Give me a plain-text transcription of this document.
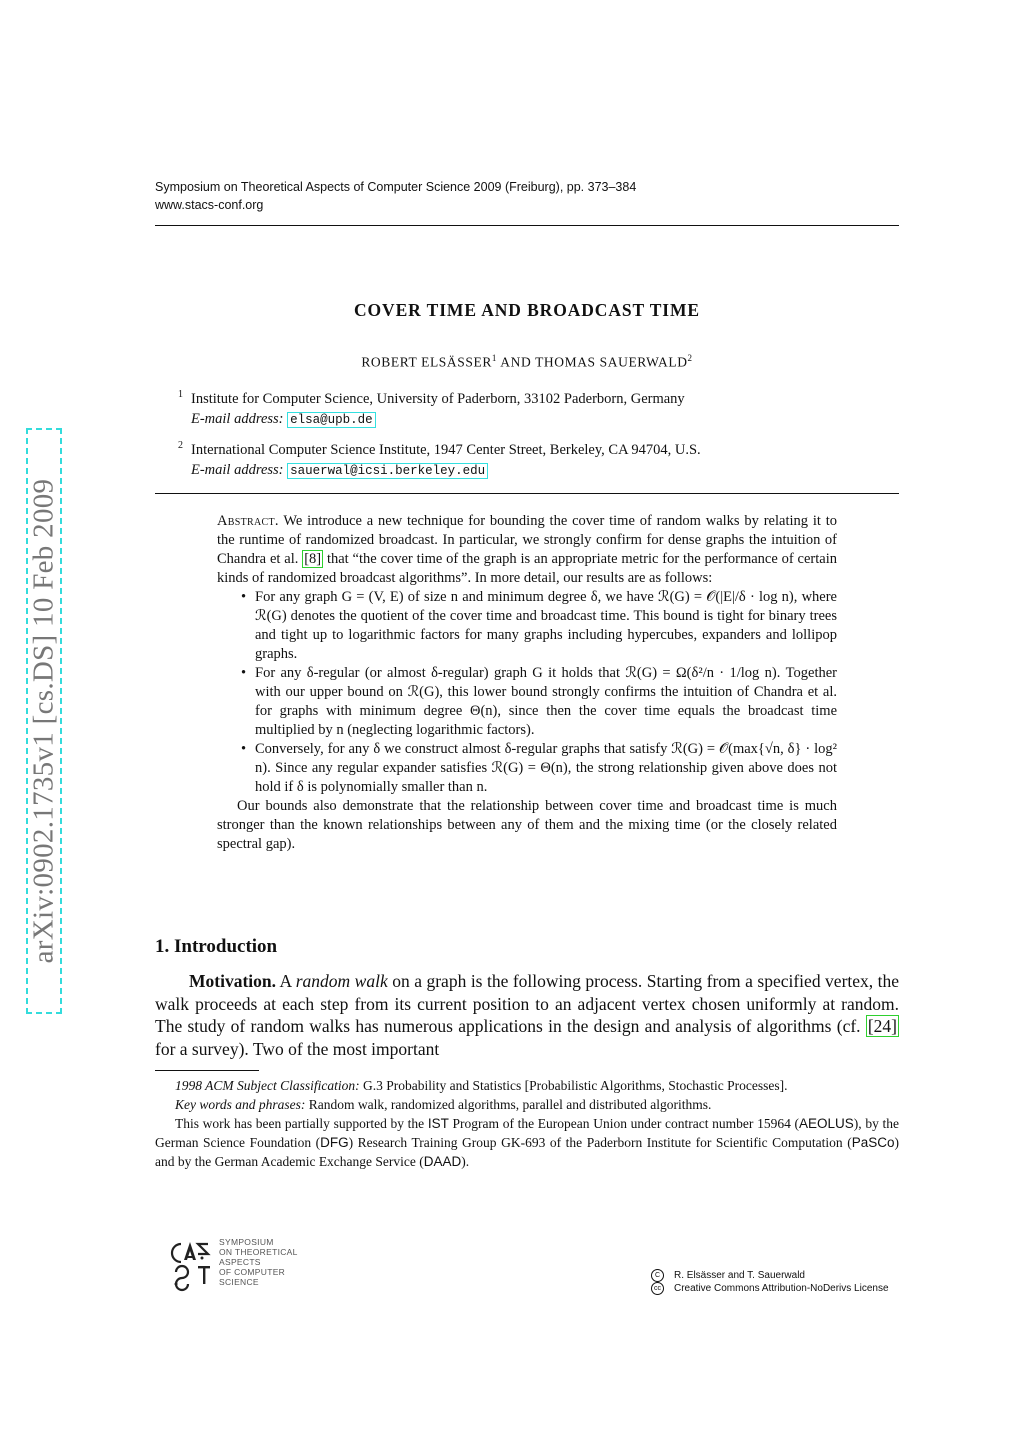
Symposium on Theoretical Aspects of Computer Science 2009 (Freiburg), pp. 373–384
www.stacs-conf.org
COVER TIME AND BROADCAST TIME
ROBERT ELSÄSSER$^1$ AND THOMAS SAUERWALD$^2$
1 Institute for Computer Science, University of Paderborn, 33102 Paderborn, Germany
E-mail address: elsa@upb.de
2 International Computer Science Institute, 1947 Center Street, Berkeley, CA 94704, U.S.
E-mail address: sauerwal@icsi.berkeley.edu
Abstract. We introduce a new technique for bounding the cover time of random walks by relating it to the runtime of randomized broadcast. In particular, we strongly confirm for dense graphs the intuition of Chandra et al. [8] that “the cover time of the graph is an appropriate metric for the performance of certain kinds of randomized broadcast algorithms”. In more detail, our results are as follows:
• For any graph G = (V, E) of size n and minimum degree δ, we have ℛ(G) = 𝒪(|E|/δ · log n), where ℛ(G) denotes the quotient of the cover time and broadcast time. This bound is tight for binary trees and tight up to logarithmic factors for many graphs including hypercubes, expanders and lollipop graphs.
• For any δ-regular (or almost δ-regular) graph G it holds that ℛ(G) = Ω(δ²/n · 1/log n). Together with our upper bound on ℛ(G), this lower bound strongly confirms the intuition of Chandra et al. for graphs with minimum degree Θ(n), since then the cover time equals the broadcast time multiplied by n (neglecting logarithmic factors).
• Conversely, for any δ we construct almost δ-regular graphs that satisfy ℛ(G) = 𝒪(max{√n, δ} · log² n). Since any regular expander satisfies ℛ(G) = Θ(n), the strong relationship given above does not hold if δ is polynomially smaller than n.
Our bounds also demonstrate that the relationship between cover time and broadcast time is much stronger than the known relationships between any of them and the mixing time (or the closely related spectral gap).
1. Introduction
Motivation. A random walk on a graph is the following process. Starting from a specified vertex, the walk proceeds at each step from its current position to an adjacent vertex chosen uniformly at random. The study of random walks has numerous applications in the design and analysis of algorithms (cf. [24] for a survey). Two of the most important

1998 ACM Subject Classification: G.3 Probability and Statistics [Probabilistic Algorithms, Stochastic Processes].

Key words and phrases: Random walk, randomized algorithms, parallel and distributed algorithms.

This work has been partially supported by the IST Program of the European Union under contract number 15964 (AEOLUS), by the German Science Foundation (DFG) Research Training Group GK-693 of the Paderborn Institute for Scientific Computation (PaSCo) and by the German Academic Exchange Service (DAAD).

SYMPOSIUM
ON THEORETICAL
ASPECTS
OF COMPUTER
SCIENCE
C R. Elsässer and T. Sauerwald
cc Creative Commons Attribution-NoDerivs License
arXiv:0902.1735v1 [cs.DS] 10 Feb 2009
